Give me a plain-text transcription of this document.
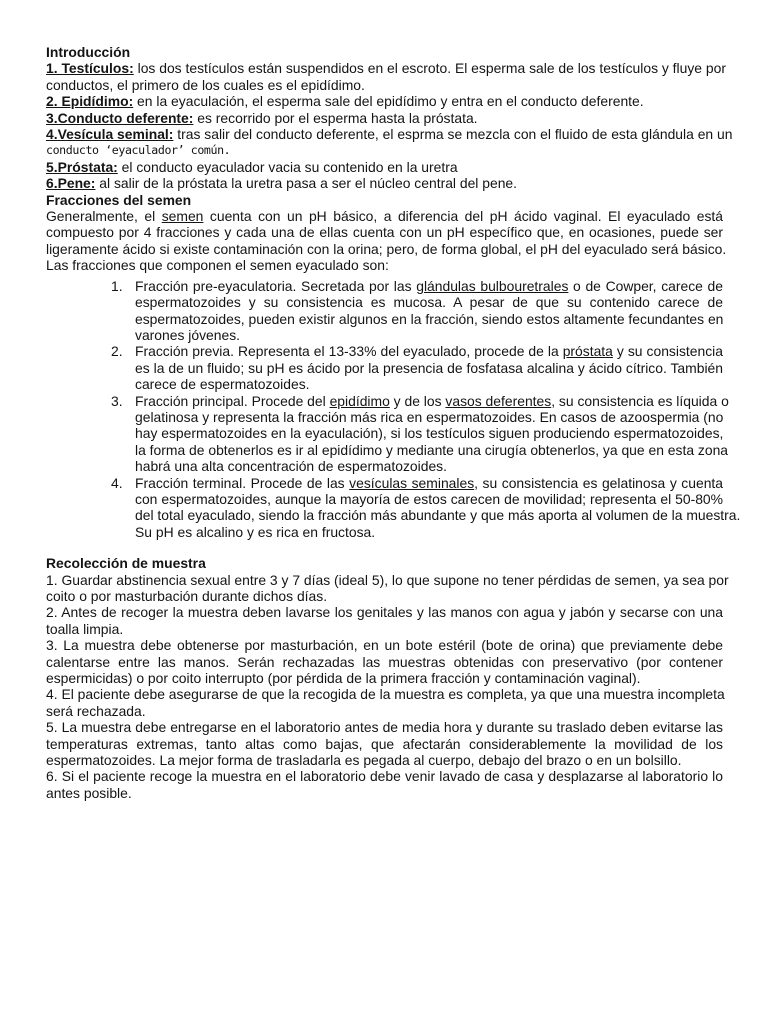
Introducción
1. Testículos: los dos testículos están suspendidos en el escroto. El esperma sale de los testículos y fluye por
conductos, el primero de los cuales es el epidídimo.
2. Epidídimo: en la eyaculación, el esperma sale del epidídimo y entra en el conducto deferente.
3.Conducto deferente: es recorrido por el esperma hasta la próstata.
4.Vesícula seminal: tras salir del conducto deferente, el esprma se mezcla con el fluido de esta glándula en un
conducto ‘eyaculador’ común.
5.Próstata: el conducto eyaculador vacia su contenido en la uretra
6.Pene: al salir de la próstata la uretra pasa a ser el núcleo central del pene.
Fracciones del semen
Generalmente, el semen cuenta con un pH básico, a diferencia del pH ácido vaginal. El eyaculado está
compuesto por 4 fracciones y cada una de ellas cuenta con un pH específico que, en ocasiones, puede ser
ligeramente ácido si existe contaminación con la orina; pero, de forma global, el pH del eyaculado será básico.
Las fracciones que componen el semen eyaculado son:
1. Fracción pre-eyaculatoria. Secretada por las glándulas bulbouretrales o de Cowper, carece de
espermatozoides y su consistencia es mucosa. A pesar de que su contenido carece de
espermatozoides, pueden existir algunos en la fracción, siendo estos altamente fecundantes en
varones jóvenes.
2. Fracción previa. Representa el 13-33% del eyaculado, procede de la próstata y su consistencia
es la de un fluido; su pH es ácido por la presencia de fosfatasa alcalina y ácido cítrico. También
carece de espermatozoides.
3. Fracción principal. Procede del epidídimo y de los vasos deferentes, su consistencia es líquida o
gelatinosa y representa la fracción más rica en espermatozoides. En casos de azoospermia (no
hay espermatozoides en la eyaculación), si los testículos siguen produciendo espermatozoides,
la forma de obtenerlos es ir al epidídimo y mediante una cirugía obtenerlos, ya que en esta zona
habrá una alta concentración de espermatozoides.
4. Fracción terminal. Procede de las vesículas seminales, su consistencia es gelatinosa y cuenta
con espermatozoides, aunque la mayoría de estos carecen de movilidad; representa el 50-80%
del total eyaculado, siendo la fracción más abundante y que más aporta al volumen de la muestra.
Su pH es alcalino y es rica en fructosa.
Recolección de muestra
1. Guardar abstinencia sexual entre 3 y 7 días (ideal 5), lo que supone no tener pérdidas de semen, ya sea por
coito o por masturbación durante dichos días.
2. Antes de recoger la muestra deben lavarse los genitales y las manos con agua y jabón y secarse con una
toalla limpia.
3. La muestra debe obtenerse por masturbación, en un bote estéril (bote de orina) que previamente debe
calentarse entre las manos. Serán rechazadas las muestras obtenidas con preservativo (por contener
espermicidas) o por coito interrupto (por pérdida de la primera fracción y contaminación vaginal).
4. El paciente debe asegurarse de que la recogida de la muestra es completa, ya que una muestra incompleta
será rechazada.
5. La muestra debe entregarse en el laboratorio antes de media hora y durante su traslado deben evitarse las
temperaturas extremas, tanto altas como bajas, que afectarán considerablemente la movilidad de los
espermatozoides. La mejor forma de trasladarla es pegada al cuerpo, debajo del brazo o en un bolsillo.
6. Si el paciente recoge la muestra en el laboratorio debe venir lavado de casa y desplazarse al laboratorio lo
antes posible.
